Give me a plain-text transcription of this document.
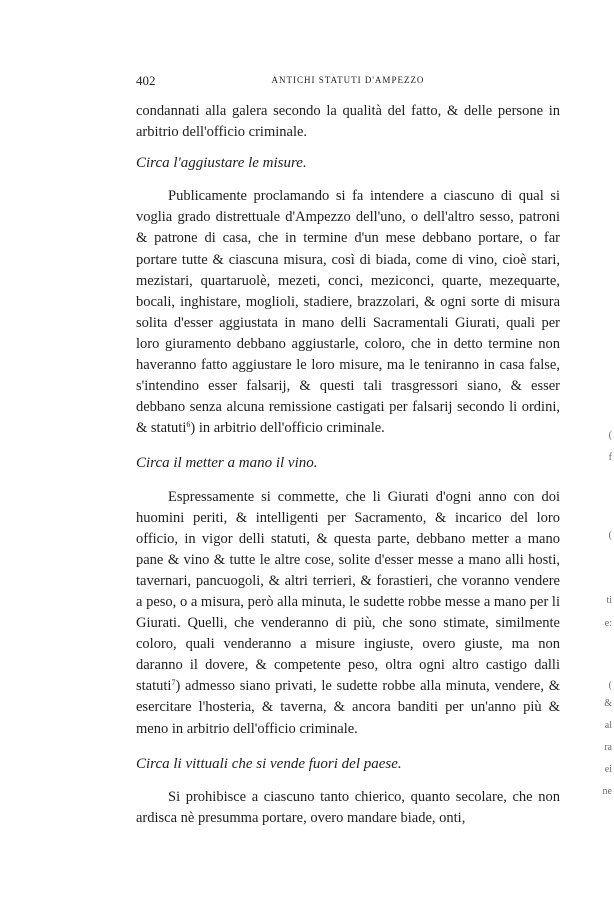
402	ANTICHI STATUTI D'AMPEZZO

condannati alla galera secondo la qualità del fatto, & delle persone in arbitrio dell'officio criminale.

Circa l'aggiustare le misure.

Publicamente proclamando si fa intendere a ciascuno di qual si voglia grado distrettuale d'Ampezzo dell'uno, o dell'altro sesso, patroni & patrone di casa, che in termine d'un mese debbano portare, o far portare tutte & ciascuna misura, così di biada, come di vino, cioè stari, mezistari, quartaruolè, mezeti, conci, meziconci, quarte, mezequarte, bocali, inghistare, moglioli, stadiere, brazzolari, & ogni sorte di misura solita d'esser aggiustata in mano delli Sacramentali Giurati, quali per loro giuramento debbano aggiustarle, coloro, che in detto termine non haveranno fatto aggiustare le loro misure, ma le teniranno in casa false, s'intendino esser falsarij, & questi tali trasgressori siano, & esser debbano senza alcuna remissione castigati per falsarij secondo li ordini, & statuti$^6$) in arbitrio dell'officio criminale.

Circa il metter a mano il vino.

Espressamente si commette, che li Giurati d'ogni anno con doi huomini periti, & intelligenti per Sacramento, & incarico del loro officio, in vigor delli statuti, & questa parte, debbano metter a mano pane & vino & tutte le altre cose, solite d'esser messe a mano alli hosti, tavernari, pancuogoli, & altri terrieri, & forastieri, che voranno vendere a peso, o a misura, però alla minuta, le sudette robbe messe a mano per li Giurati. Quelli, che venderanno di più, che sono stimate, similmente coloro, quali venderanno a misure ingiuste, overo giuste, ma non daranno il dovere, & competente peso, oltra ogni altro castigo dalli statuti$^7$) admesso siano privati, le sudette robbe alla minuta, vendere, & esercitare l'hosteria, & taverna, & ancora banditi per un'anno più & meno in arbitrio dell'officio criminale.

Circa li vittuali che si vende fuori del paese.

Si prohibisce a ciascuno tanto chierico, quanto secolare, che non ardisca nè presumma portare, overo mandare biade, onti,

(
f
(
ti
e:
(
&
al
ra
ei
ne
